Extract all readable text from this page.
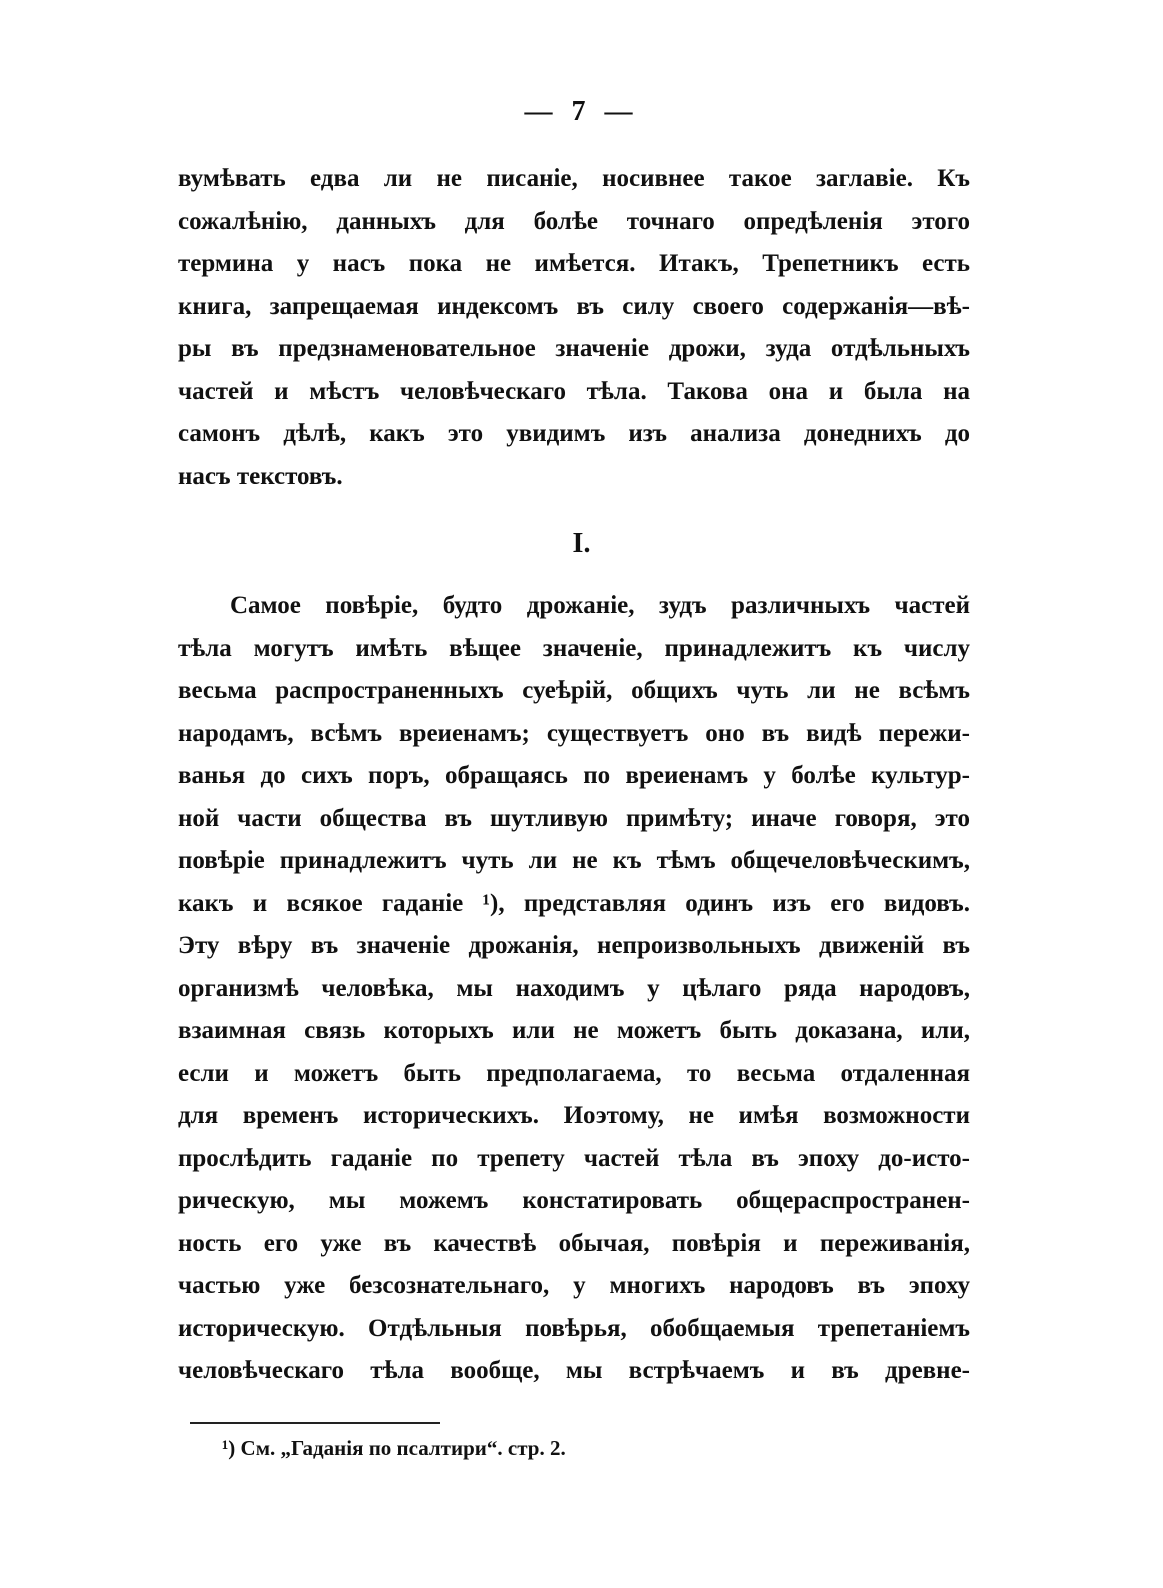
— 7 —
вумѣвать едва ли не писаніе, носивнее такое заглавіе. Къ
сожалѣнію, данныхъ для болѣе точнаго опредѣленія этого
термина у насъ пока не имѣется. Итакъ, Трепетникъ есть
книга, запрещаемая индексомъ въ силу своего содержанія—вѣ-
ры въ предзнаменовательное значеніе дрожи, зуда отдѣльныхъ
частей и мѣстъ человѣческаго тѣла. Такова она и была на
самонъ дѣлѣ, какъ это увидимъ изъ анализа донеднихъ до
насъ текстовъ.
I.
Самое повѣріе, будто дрожаніе, зудъ различныхъ частей
тѣла могутъ имѣть вѣщее значеніе, принадлежитъ къ числу
весьма распространенныхъ суеѣрій, общихъ чуть ли не всѣмъ
народамъ, всѣмъ вреиенамъ; существуетъ оно въ видѣ пережи-
ванья до сихъ поръ, обращаясь по вреиенамъ у болѣе культур-
ной части общества въ шутливую примѣту; иначе говоря, это
повѣріе принадлежитъ чуть ли не къ тѣмъ общечеловѣческимъ,
какъ и всякое гаданіе ¹), представляя одинъ изъ его видовъ.
Эту вѣру въ значеніе дрожанія, непроизвольныхъ движеній въ
организмѣ человѣка, мы находимъ у цѣлаго ряда народовъ,
взаимная связь которыхъ или не можетъ быть доказана, или,
если и можетъ быть предполагаема, то весьма отдаленная
для временъ историческихъ. Иоэтому, не имѣя возможности
прослѣдить гаданіе по трепету частей тѣла въ эпоху до-исто-
рическую, мы можемъ констатировать общераспространен-
ность его уже въ качествѣ обычая, повѣрія и переживанія,
частью уже безсознательнаго, у многихъ народовъ въ эпоху
историческую. Отдѣльныя повѣрья, обобщаемыя трепетаніемъ
человѣческаго тѣла вообще, мы встрѣчаемъ и въ древне-
¹) См. „Гаданія по псалтири“. стр. 2.
